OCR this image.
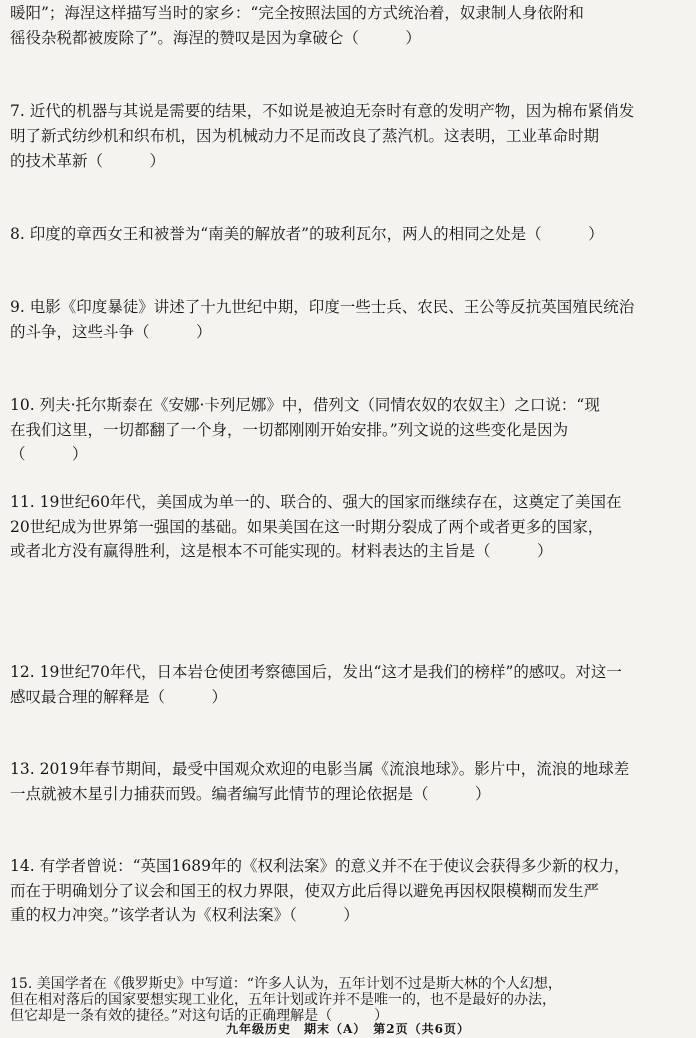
暖阳”；海涅这样描写当时的家乡：“完全按照法国的方式统治着，奴隶制人身依附和
徭役杂税都被废除了”。海涅的赞叹是因为拿破仑（　　　）
7. 近代的机器与其说是需要的结果，不如说是被迫无奈时有意的发明产物，因为棉布紧俏发
明了新式纺纱机和织布机，因为机械动力不足而改良了蒸汽机。这表明，工业革命时期
的技术革新（　　　）
8. 印度的章西女王和被誉为“南美的解放者”的玻利瓦尔，两人的相同之处是（　　　）
9. 电影《印度暴徒》讲述了十九世纪中期，印度一些士兵、农民、王公等反抗英国殖民统治
的斗争，这些斗争（　　　）
10. 列夫·托尔斯泰在《安娜·卡列尼娜》中，借列文（同情农奴的农奴主）之口说：“现
在我们这里，一切都翻了一个身，一切都刚刚开始安排。”列文说的这些变化是因为
（　　　）
11. 19世纪60年代，美国成为单一的、联合的、强大的国家而继续存在，这奠定了美国在
20世纪成为世界第一强国的基础。如果美国在这一时期分裂成了两个或者更多的国家，
或者北方没有赢得胜利，这是根本不可能实现的。材料表达的主旨是（　　　）
12. 19世纪70年代，日本岩仓使团考察德国后，发出“这才是我们的榜样”的感叹。对这一
感叹最合理的解释是（　　　）
13. 2019年春节期间，最受中国观众欢迎的电影当属《流浪地球》。影片中，流浪的地球差
一点就被木星引力捕获而毁。编者编写此情节的理论依据是（　　　）
14. 有学者曾说：“英国1689年的《权利法案》的意义并不在于使议会获得多少新的权力，
而在于明确划分了议会和国王的权力界限，使双方此后得以避免再因权限模糊而发生严
重的权力冲突。”该学者认为《权利法案》（　　　）
15. 美国学者在《俄罗斯史》中写道：“许多人认为，五年计划不过是斯大林的个人幻想，
但在相对落后的国家要想实现工业化，五年计划或许并不是唯一的，也不是最好的办法，
但它却是一条有效的捷径。”对这句话的正确理解是（　　　）
九年级历史　期末（A）　第2页（共6页）
